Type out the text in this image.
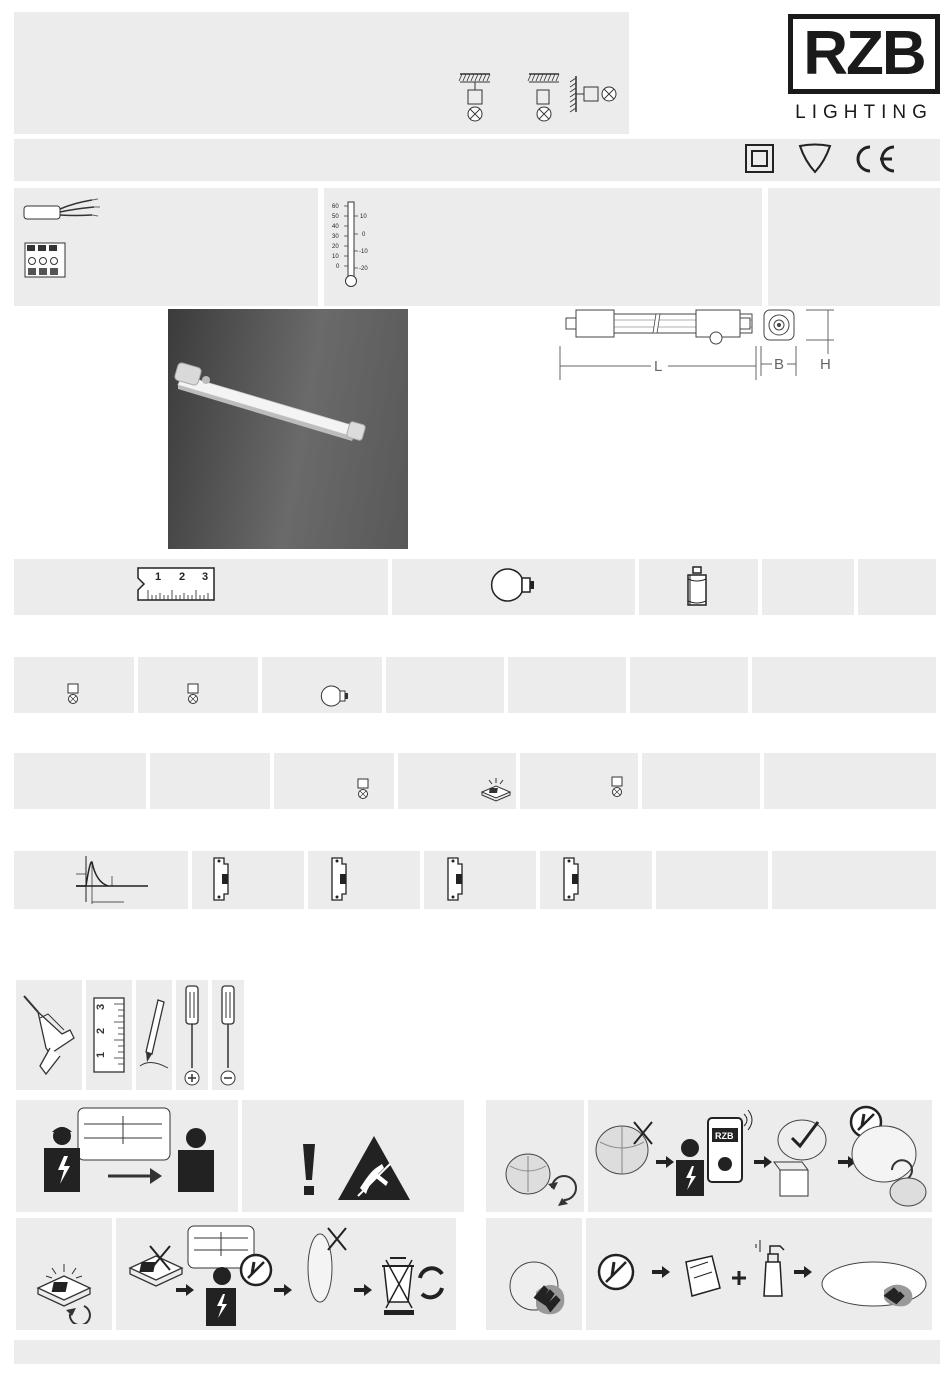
RZB
LIGHTING
60
50
40
30
20
10
0
10
0
-10
-20
L	B H
1 2 3
3
2
1
RZB
